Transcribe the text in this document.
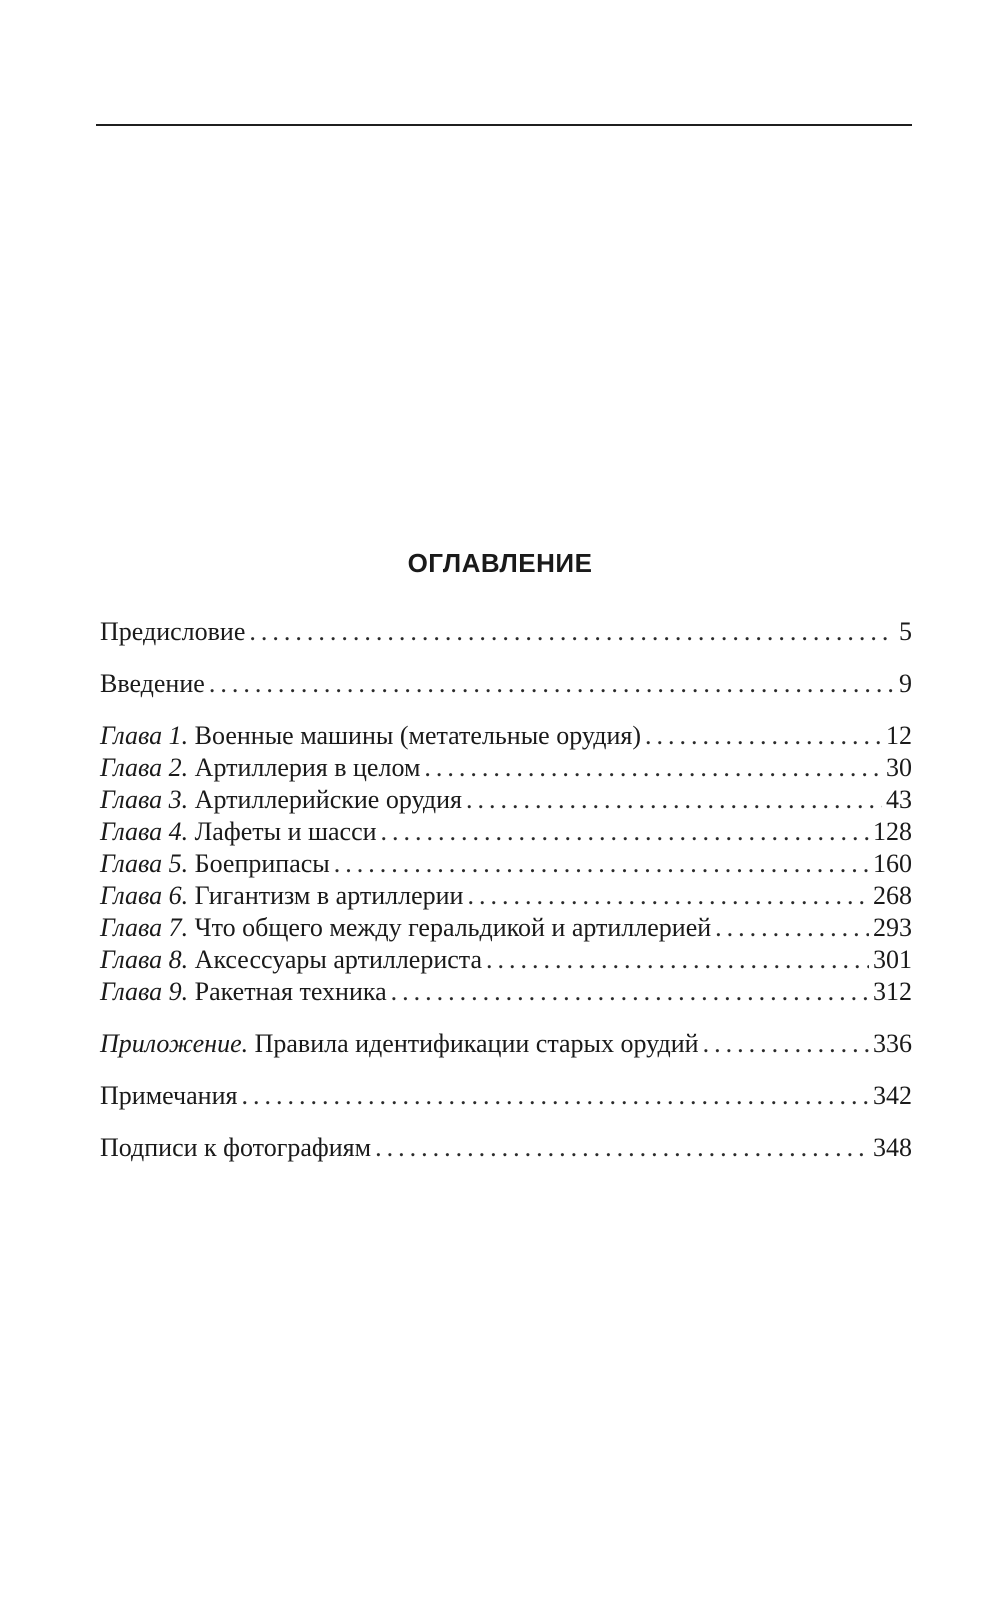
ОГЛАВЛЕНИЕ
Предисловие .....	5
Введение .....	9
Глава 1. Военные машины (метательные орудия) .....	12
Глава 2. Артиллерия в целом .....	30
Глава 3. Артиллерийские орудия .....	43
Глава 4. Лафеты и шасси .....	128
Глава 5. Боеприпасы .....	160
Глава 6. Гигантизм в артиллерии .....	268
Глава 7. Что общего между геральдикой и артиллерией .....	293
Глава 8. Аксессуары артиллериста .....	301
Глава 9. Ракетная техника .....	312
Приложение. Правила идентификации старых орудий .....	336
Примечания .....	342
Подписи к фотографиям .....	348
